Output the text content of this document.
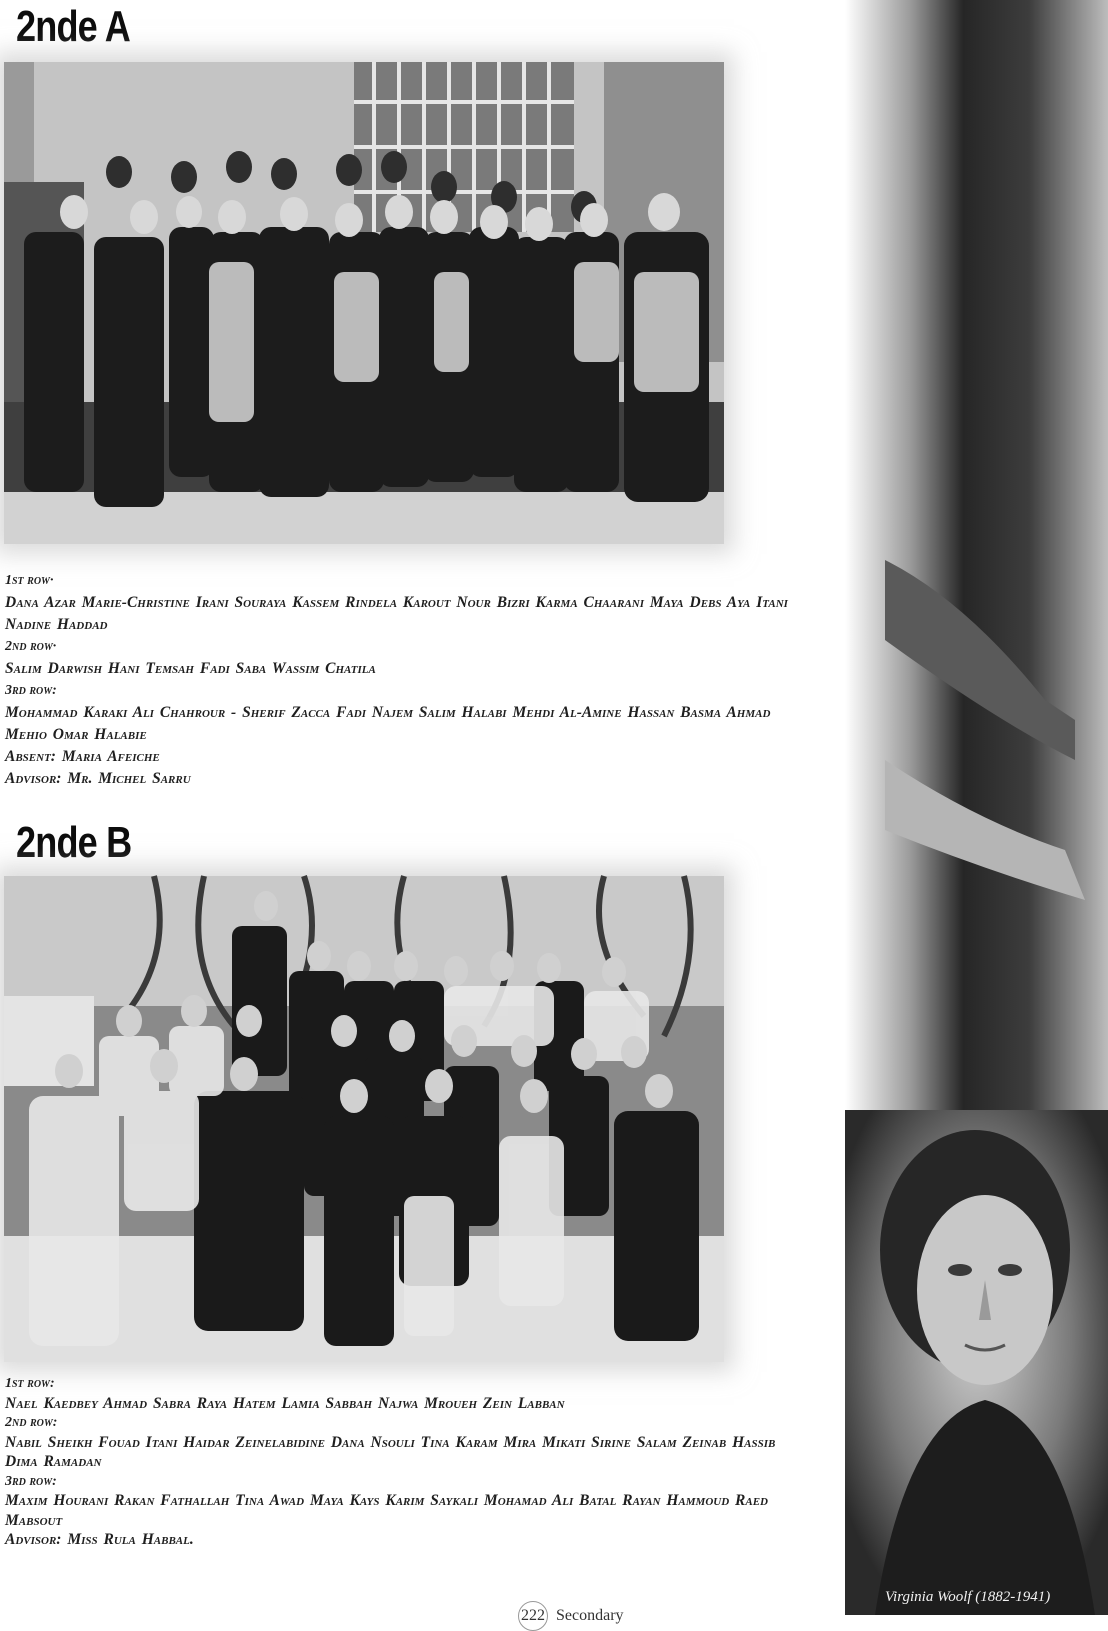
2nde A
1st row·
Dana Azar Marie-Christine Irani Souraya Kassem Rindela Karout Nour Bizri Karma Chaarani Maya Debs Aya Itani Nadine Haddad
2nd row·
Salim Darwish Hani Temsah Fadi Saba Wassim Chatila
3rd row:
Mohammad Karaki Ali Chahrour - Sherif Zacca Fadi Najem Salim Halabi Mehdi Al-Amine Hassan Basma Ahmad Mehio Omar Halabie
Absent: Maria Afeiche
Advisor: Mr. Michel Sarru
2nde B
1st row:
Nael Kaedbey Ahmad Sabra Raya Hatem Lamia Sabbah Najwa Mroueh Zein Labban
2nd row:
Nabil Sheikh Fouad Itani Haidar Zeinelabidine Dana Nsouli Tina Karam Mira Mikati Sirine Salam Zeinab Hassib Dima Ramadan
3rd row:
Maxim Hourani Rakan Fathallah Tina Awad Maya Kays Karim Saykali Mohamad Ali Batal Rayan Hammoud Raed Mabsout
Advisor: Miss Rula Habbal.
Virginia Woolf (1882-1941)
222 Secondary
